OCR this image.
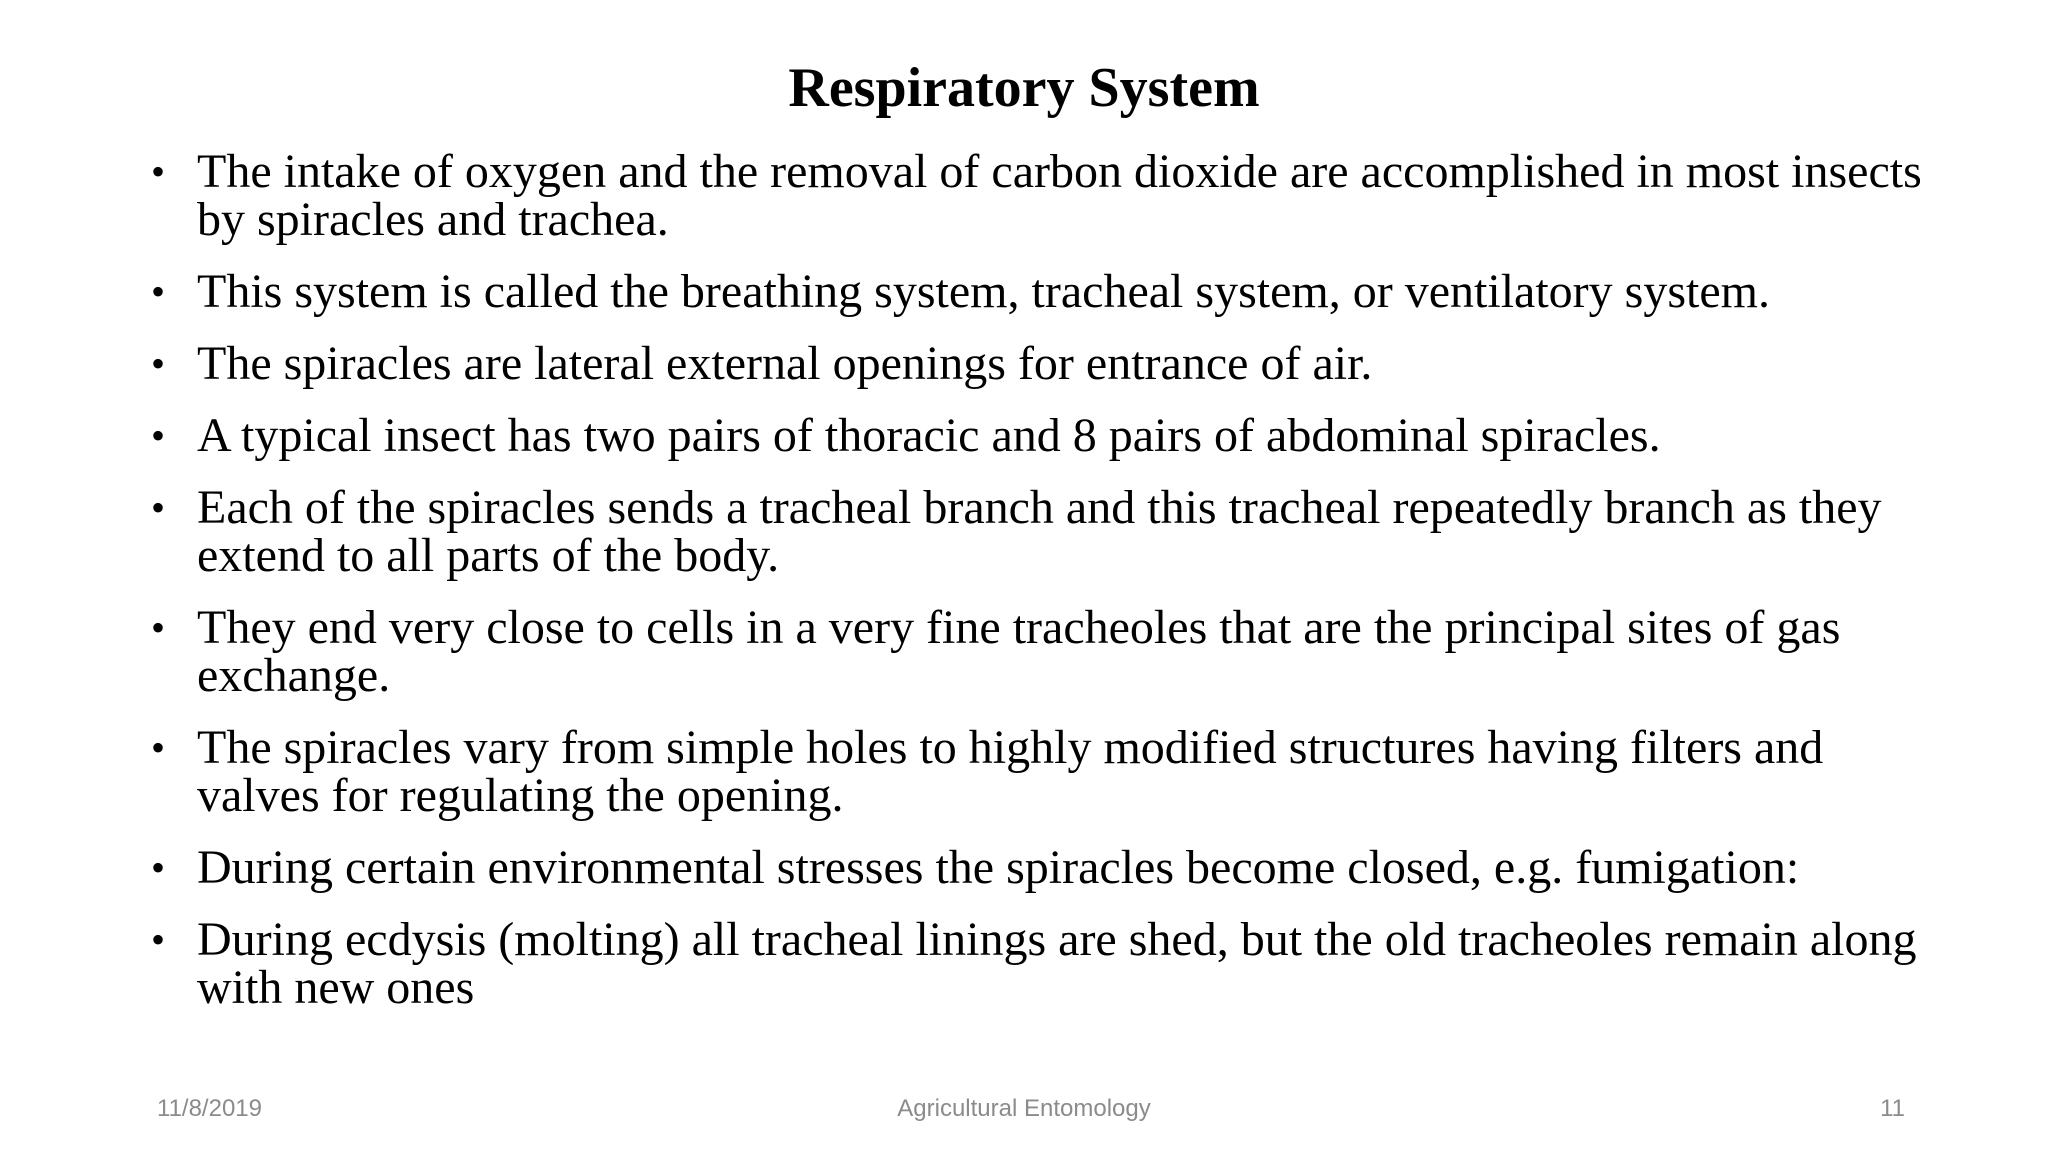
Respiratory System
• The intake of oxygen and the removal of carbon dioxide are accomplished in most insects by spiracles and trachea.
• This system is called the breathing system, tracheal system, or ventilatory system.
• The spiracles are lateral external openings for entrance of air.
• A typical insect has two pairs of thoracic and 8 pairs of abdominal spiracles.
• Each of the spiracles sends a tracheal branch and this tracheal repeatedly branch as they extend to all parts of the body.
• They end very close to cells in a very fine tracheoles that are the principal sites of gas exchange.
• The spiracles vary from simple holes to highly modified structures having filters and valves for regulating the opening.
• During certain environmental stresses the spiracles become closed, e.g. fumigation:
• During ecdysis (molting) all tracheal linings are shed, but the old tracheoles remain along with new ones
11/8/2019	Agricultural Entomology	11
